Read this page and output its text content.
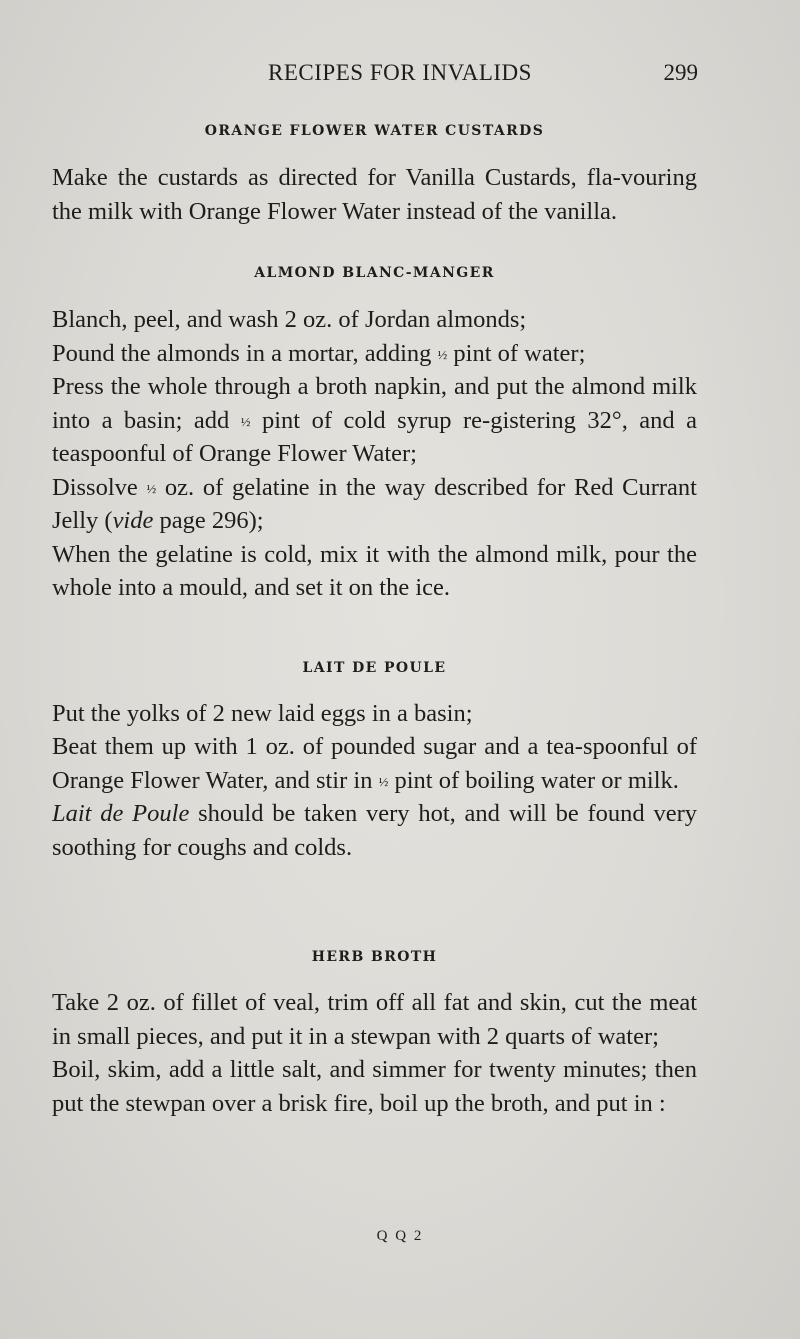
RECIPES FOR INVALIDS	299
ORANGE FLOWER WATER CUSTARDS

Make the custards as directed for Vanilla Custards, fla-vouring the milk with Orange Flower Water instead of the vanilla.

ALMOND BLANC-MANGER

Blanch, peel, and wash 2 oz. of Jordan almonds;

Pound the almonds in a mortar, adding ½ pint of water;

Press the whole through a broth napkin, and put the almond milk into a basin; add ½ pint of cold syrup re-gistering 32°, and a teaspoonful of Orange Flower Water;

Dissolve ½ oz. of gelatine in the way described for Red Currant Jelly (vide page 296);

When the gelatine is cold, mix it with the almond milk, pour the whole into a mould, and set it on the ice.

LAIT DE POULE

Put the yolks of 2 new laid eggs in a basin;

Beat them up with 1 oz. of pounded sugar and a tea-spoonful of Orange Flower Water, and stir in ½ pint of boiling water or milk.

Lait de Poule should be taken very hot, and will be found very soothing for coughs and colds.

HERB BROTH

Take 2 oz. of fillet of veal, trim off all fat and skin, cut the meat in small pieces, and put it in a stewpan with 2 quarts of water;

Boil, skim, add a little salt, and simmer for twenty minutes; then put the stewpan over a brisk fire, boil up the broth, and put in :

Q Q 2
